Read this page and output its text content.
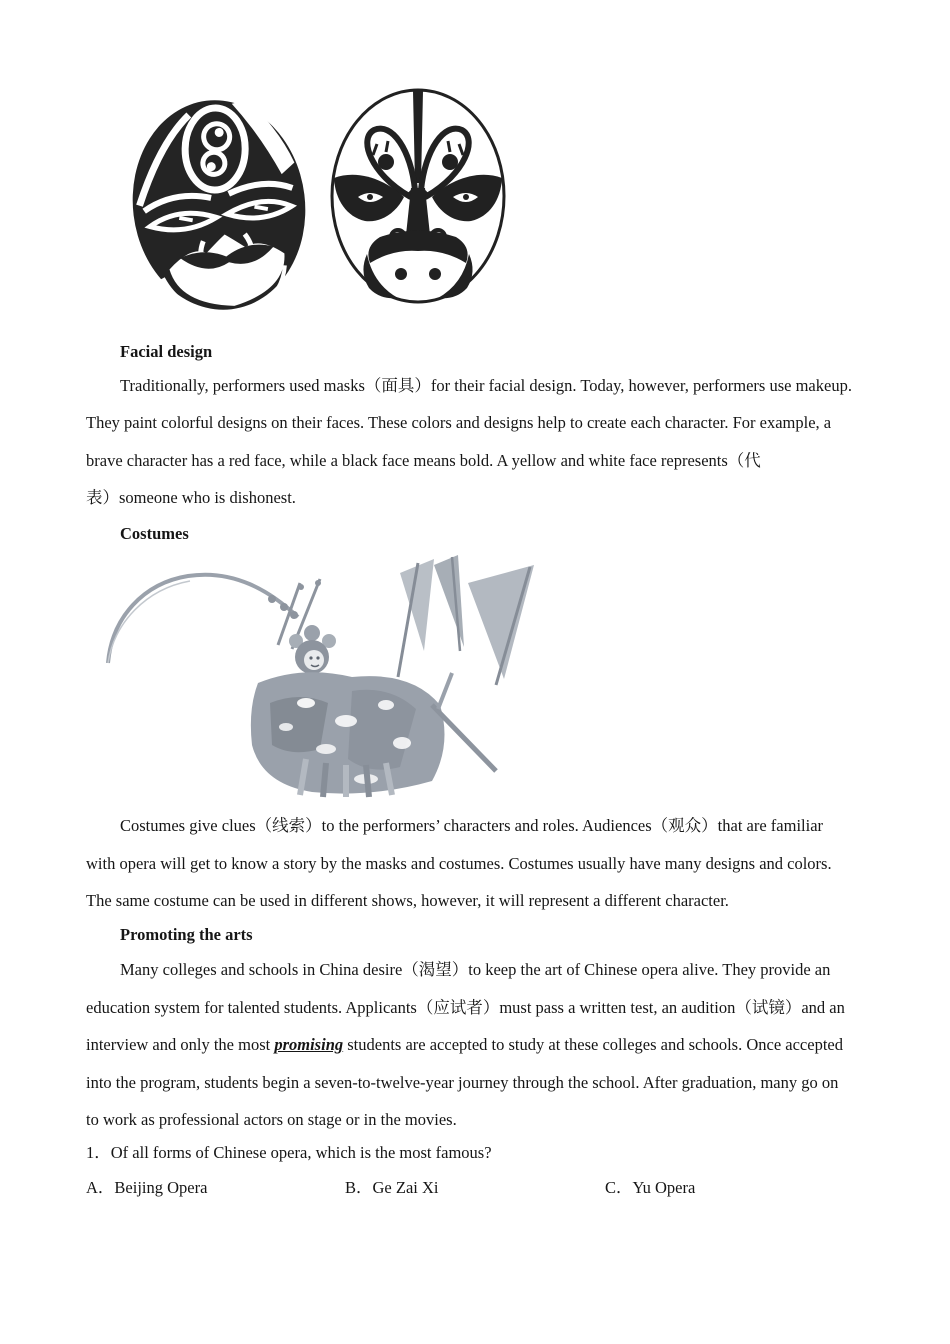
Facial design
Traditionally, performers used masks（面具）for their facial design. Today, however, performers use makeup.
They paint colorful designs on their faces. These colors and designs help to create each character. For example, a
brave character has a red face, while a black face means bold. A yellow and white face represents（代
表）someone who is dishonest.
Costumes
Costumes give clues（线索）to the performers’ characters and roles. Audiences（观众）that are familiar
with opera will get to know a story by the masks and costumes. Costumes usually have many designs and colors.
The same costume can be used in different shows, however, it will represent a different character.
Promoting the arts
Many colleges and schools in China desire（渴望）to keep the art of Chinese opera alive. They provide an
education system for talented students. Applicants（应试者）must pass a written test, an audition（试镜）and an
interview and only the most promising students are accepted to study at these colleges and schools. Once accepted
into the program, students begin a seven-to-twelve-year journey through the school. After graduation, many go on
to work as professional actors on stage or in the movies.
1．Of all forms of Chinese opera, which is the most famous?
A．Beijing Opera	B．Ge Zai Xi	C．Yu Opera
